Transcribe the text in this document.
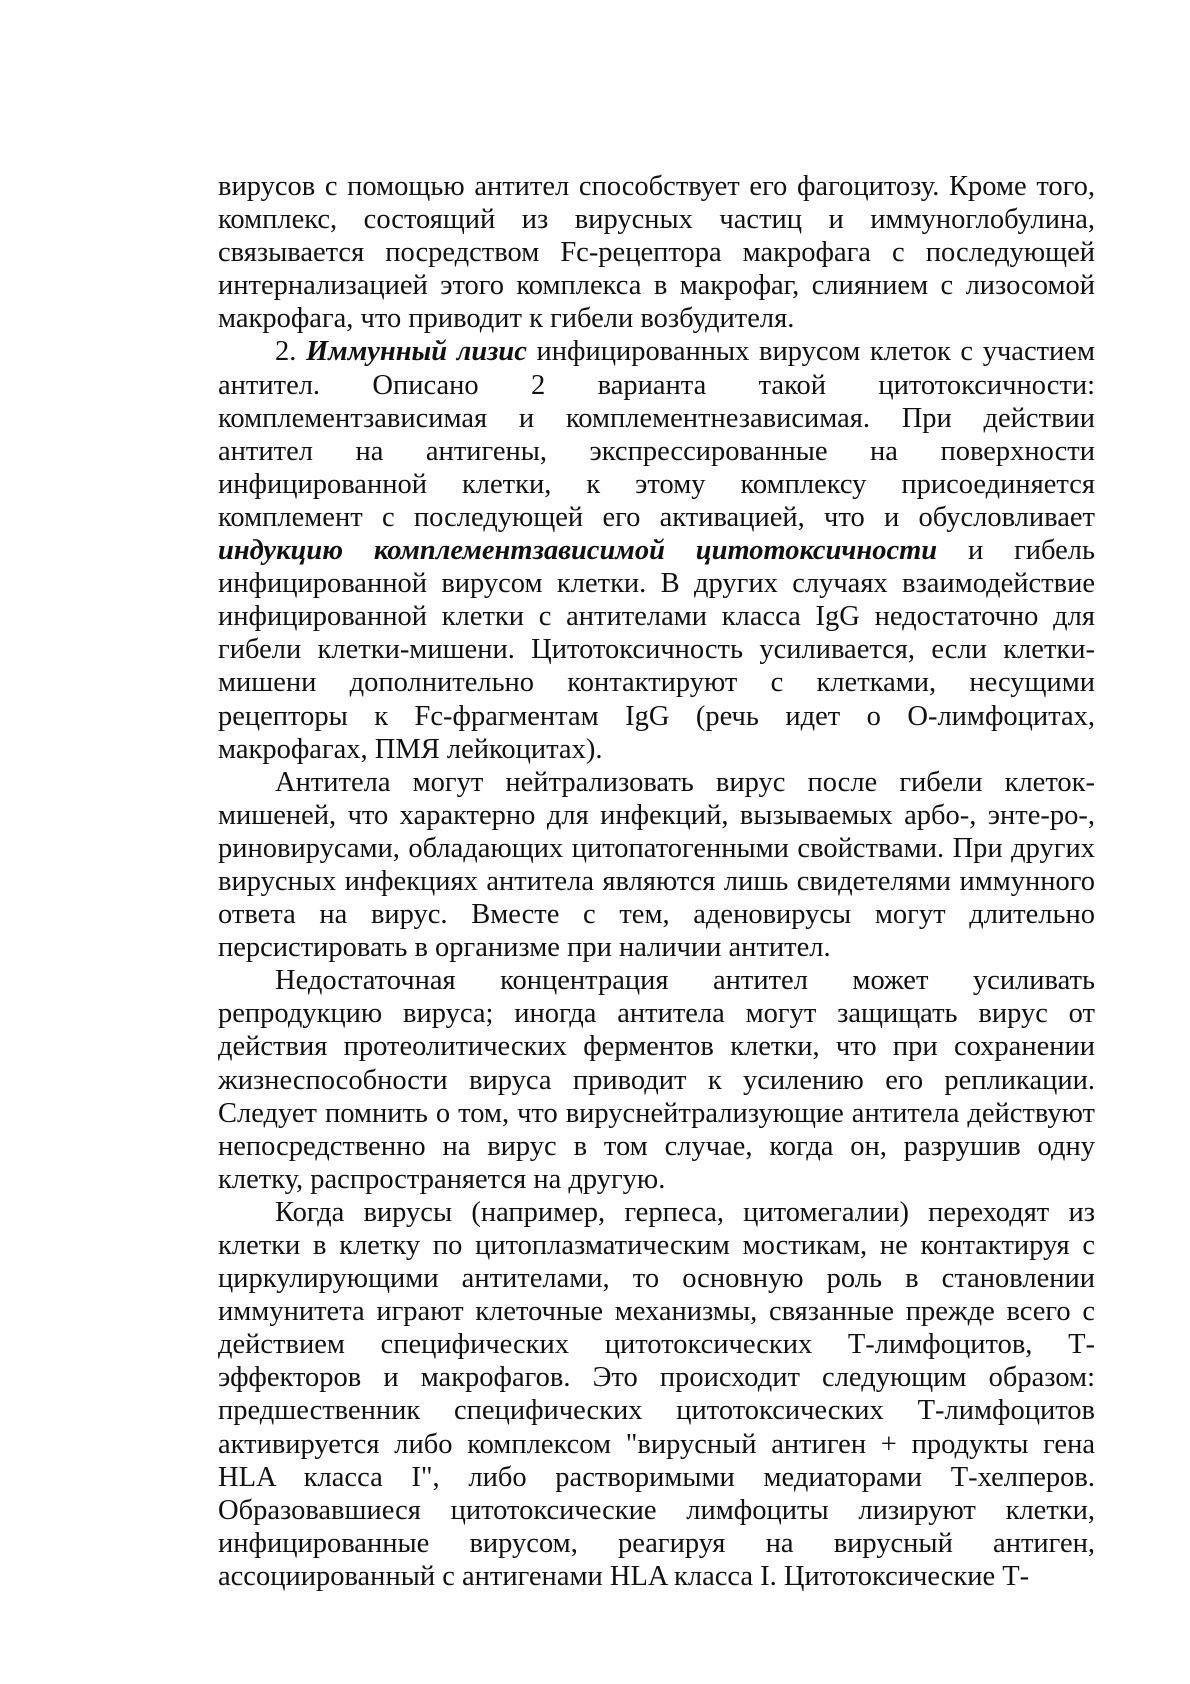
вирусов с помощью антител способствует его фагоцитозу. Кроме того, комплекс, состоящий из вирусных частиц и иммуноглобулина, связывается посредством Fc-рецептора макрофага с последующей интернализацией этого комплекса в макрофаг, слиянием с лизосомой макрофага, что приводит к гибели возбудителя.

2. Иммунный лизис инфицированных вирусом клеток с участием антител. Описано 2 варианта такой цитотоксичности: комплементзависимая и комплементнезависимая. При действии антител на антигены, экспрессированные на поверхности инфицированной клетки, к этому комплексу присоединяется комплемент с последующей его активацией, что и обусловливает индукцию комплементзависимой цитотоксичности и гибель инфицированной вирусом клетки. В других случаях взаимодействие инфицированной клетки с антителами класса IgG недостаточно для гибели клетки-мишени. Цитотоксичность усиливается, если клетки-мишени дополнительно контактируют с клетками, несущими рецепторы к Fc-фрагментам IgG (речь идет о О-лимфоцитах, макрофагах, ПМЯ лейкоцитах).

Антитела могут нейтрализовать вирус после гибели клеток-мишеней, что характерно для инфекций, вызываемых арбо-, энте-ро-, риновирусами, обладающих цитопатогенными свойствами. При других вирусных инфекциях антитела являются лишь свидетелями иммунного ответа на вирус. Вместе с тем, аденовирусы могут длительно персистировать в организме при наличии антител.

Недостаточная концентрация антител может усиливать репродукцию вируса; иногда антитела могут защищать вирус от действия протеолитических ферментов клетки, что при сохранении жизнеспособности вируса приводит к усилению его репликации. Следует помнить о том, что вируснейтрализующие антитела действуют непосредственно на вирус в том случае, когда он, разрушив одну клетку, распространяется на другую.

Когда вирусы (например, герпеса, цитомегалии) переходят из клетки в клетку по цитоплазматическим мостикам, не контактируя с циркулирующими антителами, то основную роль в становлении иммунитета играют клеточные механизмы, связанные прежде всего с действием специфических цитотоксических Т-лимфоцитов, Т-эффекторов и макрофагов. Это происходит следующим образом: предшественник специфических цитотоксических Т-лимфоцитов активируется либо комплексом "вирусный антиген + продукты гена HLA класса I", либо растворимыми медиаторами Т-хелперов. Образовавшиеся цитотоксические лимфоциты лизируют клетки, инфицированные вирусом, реагируя на вирусный антиген, ассоциированный с антигенами HLA класса I. Цитотоксические Т-
